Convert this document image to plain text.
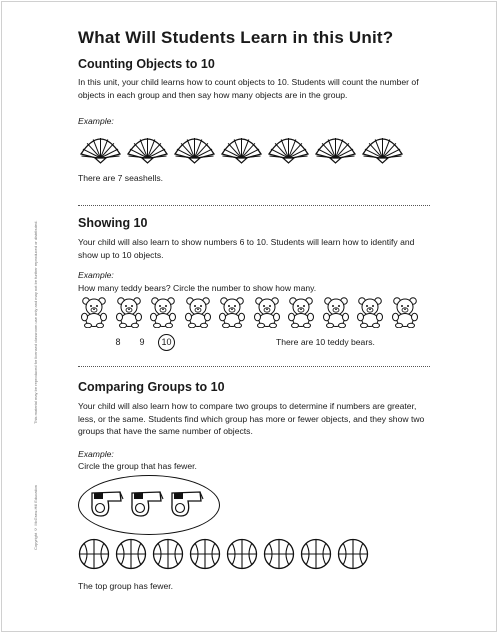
This material may be reproduced for licensed classroom use only and may not be further reproduced or distributed.
Copyright © McGraw-Hill Education
What Will Students Learn in this Unit?
Counting Objects to 10

In this unit, your child learns how to count objects to 10. Students will count the number of objects in each group and then say how many objects are in the group.

Example:

There are 7 seashells.

Showing 10

Your child will also learn to show numbers 6 to 10. Students will learn how to identify and show up to 10 objects.

Example:

How many teddy bears? Circle the number to show how many.

8	9	10	There are 10 teddy bears.

Comparing Groups to 10

Your child will also learn how to compare two groups to determine if numbers are greater, less, or the same. Students find which group has more or fewer objects, and they show two groups that have the same number of objects.

Example:

Circle the group that has fewer.

The top group has fewer.
